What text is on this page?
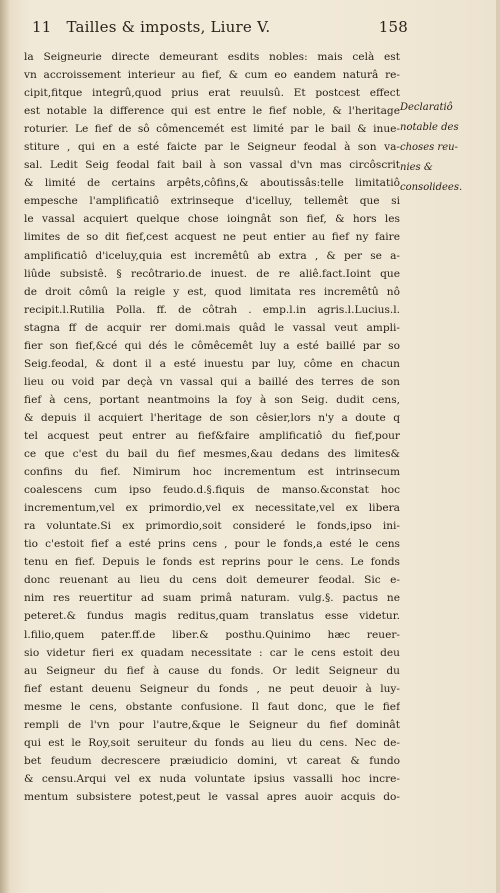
11 Tailles & imposts, Liure V.	158
la Seigneurie directe demeurant esdits nobles: mais celà est
vn accroissement interieur au fief, & cum eo eandem naturâ re-
cipit,fitque integrû,quod prius erat reuulsû. Et postcest effect
est notable la difference qui est entre le fief noble, & l'heritage
roturier. Le fief de sô cômencemét est limité par le bail & inue-
stiture , qui en a esté faicte par le Seigneur feodal à son va-
sal. Ledit Seig feodal fait bail à son vassal d'vn mas circôscrit
& limité de certains arpêts,côfins,& aboutissâs:telle limitatiô
empesche l'amplificatiô extrinseque d'icelluy, tellemêt que si
le vassal acquiert quelque chose ioingnât son fief, & hors les
limites de so dit fief,cest acquest ne peut entier au fief ny faire
amplificatiô d'iceluy,quia est incremêtû ab extra , & per se a-
liûde subsistê. § recôtrario.de inuest. de re aliê.fact.Ioint que
de droit cômû la reigle y est, quod limitata res incremêtû nô
recipit.l.Rutilia Polla. ff. de côtrah . emp.l.in agris.l.Lucius.l.
stagna ff de acquir rer domi.mais quâd le vassal veut ampli-
fier son fief,&cé qui dés le cômêcemêt luy a esté baillé par so
Seig.feodal, & dont il a esté inuestu par luy, côme en chacun
lieu ou void par deçà vn vassal qui a baillé des terres de son
fief à cens, portant neantmoins la foy à son Seig. dudit cens,
& depuis il acquiert l'heritage de son cêsier,lors n'y a doute q
tel acquest peut entrer au fief&faire amplificatiô du fief,pour
ce que c'est du bail du fief mesmes,&au dedans des limites&
confins du fief. Nimirum hoc incrementum est intrinsecum
coalescens cum ipso feudo.d.§.fiquis de manso.&constat hoc
incrementum,vel ex primordio,vel ex necessitate,vel ex libera
ra voluntate.Si ex primordio,soit consideré le fonds,ipso ini-
tio c'estoit fief a esté prins cens , pour le fonds,a esté le cens
tenu en fief. Depuis le fonds est reprins pour le cens. Le fonds
donc reuenant au lieu du cens doit demeurer feodal. Sic e-
nim res reuertitur ad suam primâ naturam. vulg.§. pactus ne
peteret.& fundus magis reditus,quam translatus esse videtur.
l.filio,quem pater.ff.de liber.& posthu.Quinimo hæc reuer-
sio videtur fieri ex quadam necessitate : car le cens estoit deu
au Seigneur du fief à cause du fonds. Or ledit Seigneur du
fief estant deuenu Seigneur du fonds , ne peut deuoir à luy-
mesme le cens, obstante confusione. Il faut donc, que le fief
rempli de l'vn pour l'autre,&que le Seigneur du fief dominât
qui est le Roy,soit seruiteur du fonds au lieu du cens. Nec de-
bet feudum decrescere præiudicio domini, vt careat & fundo
& censu.Arqui vel ex nuda voluntate ipsius vassalli hoc incre-
mentum subsistere potest,peut le vassal apres auoir acquis do-
Declaratiô
notable des
choses reu-
nies &
consolidees.
